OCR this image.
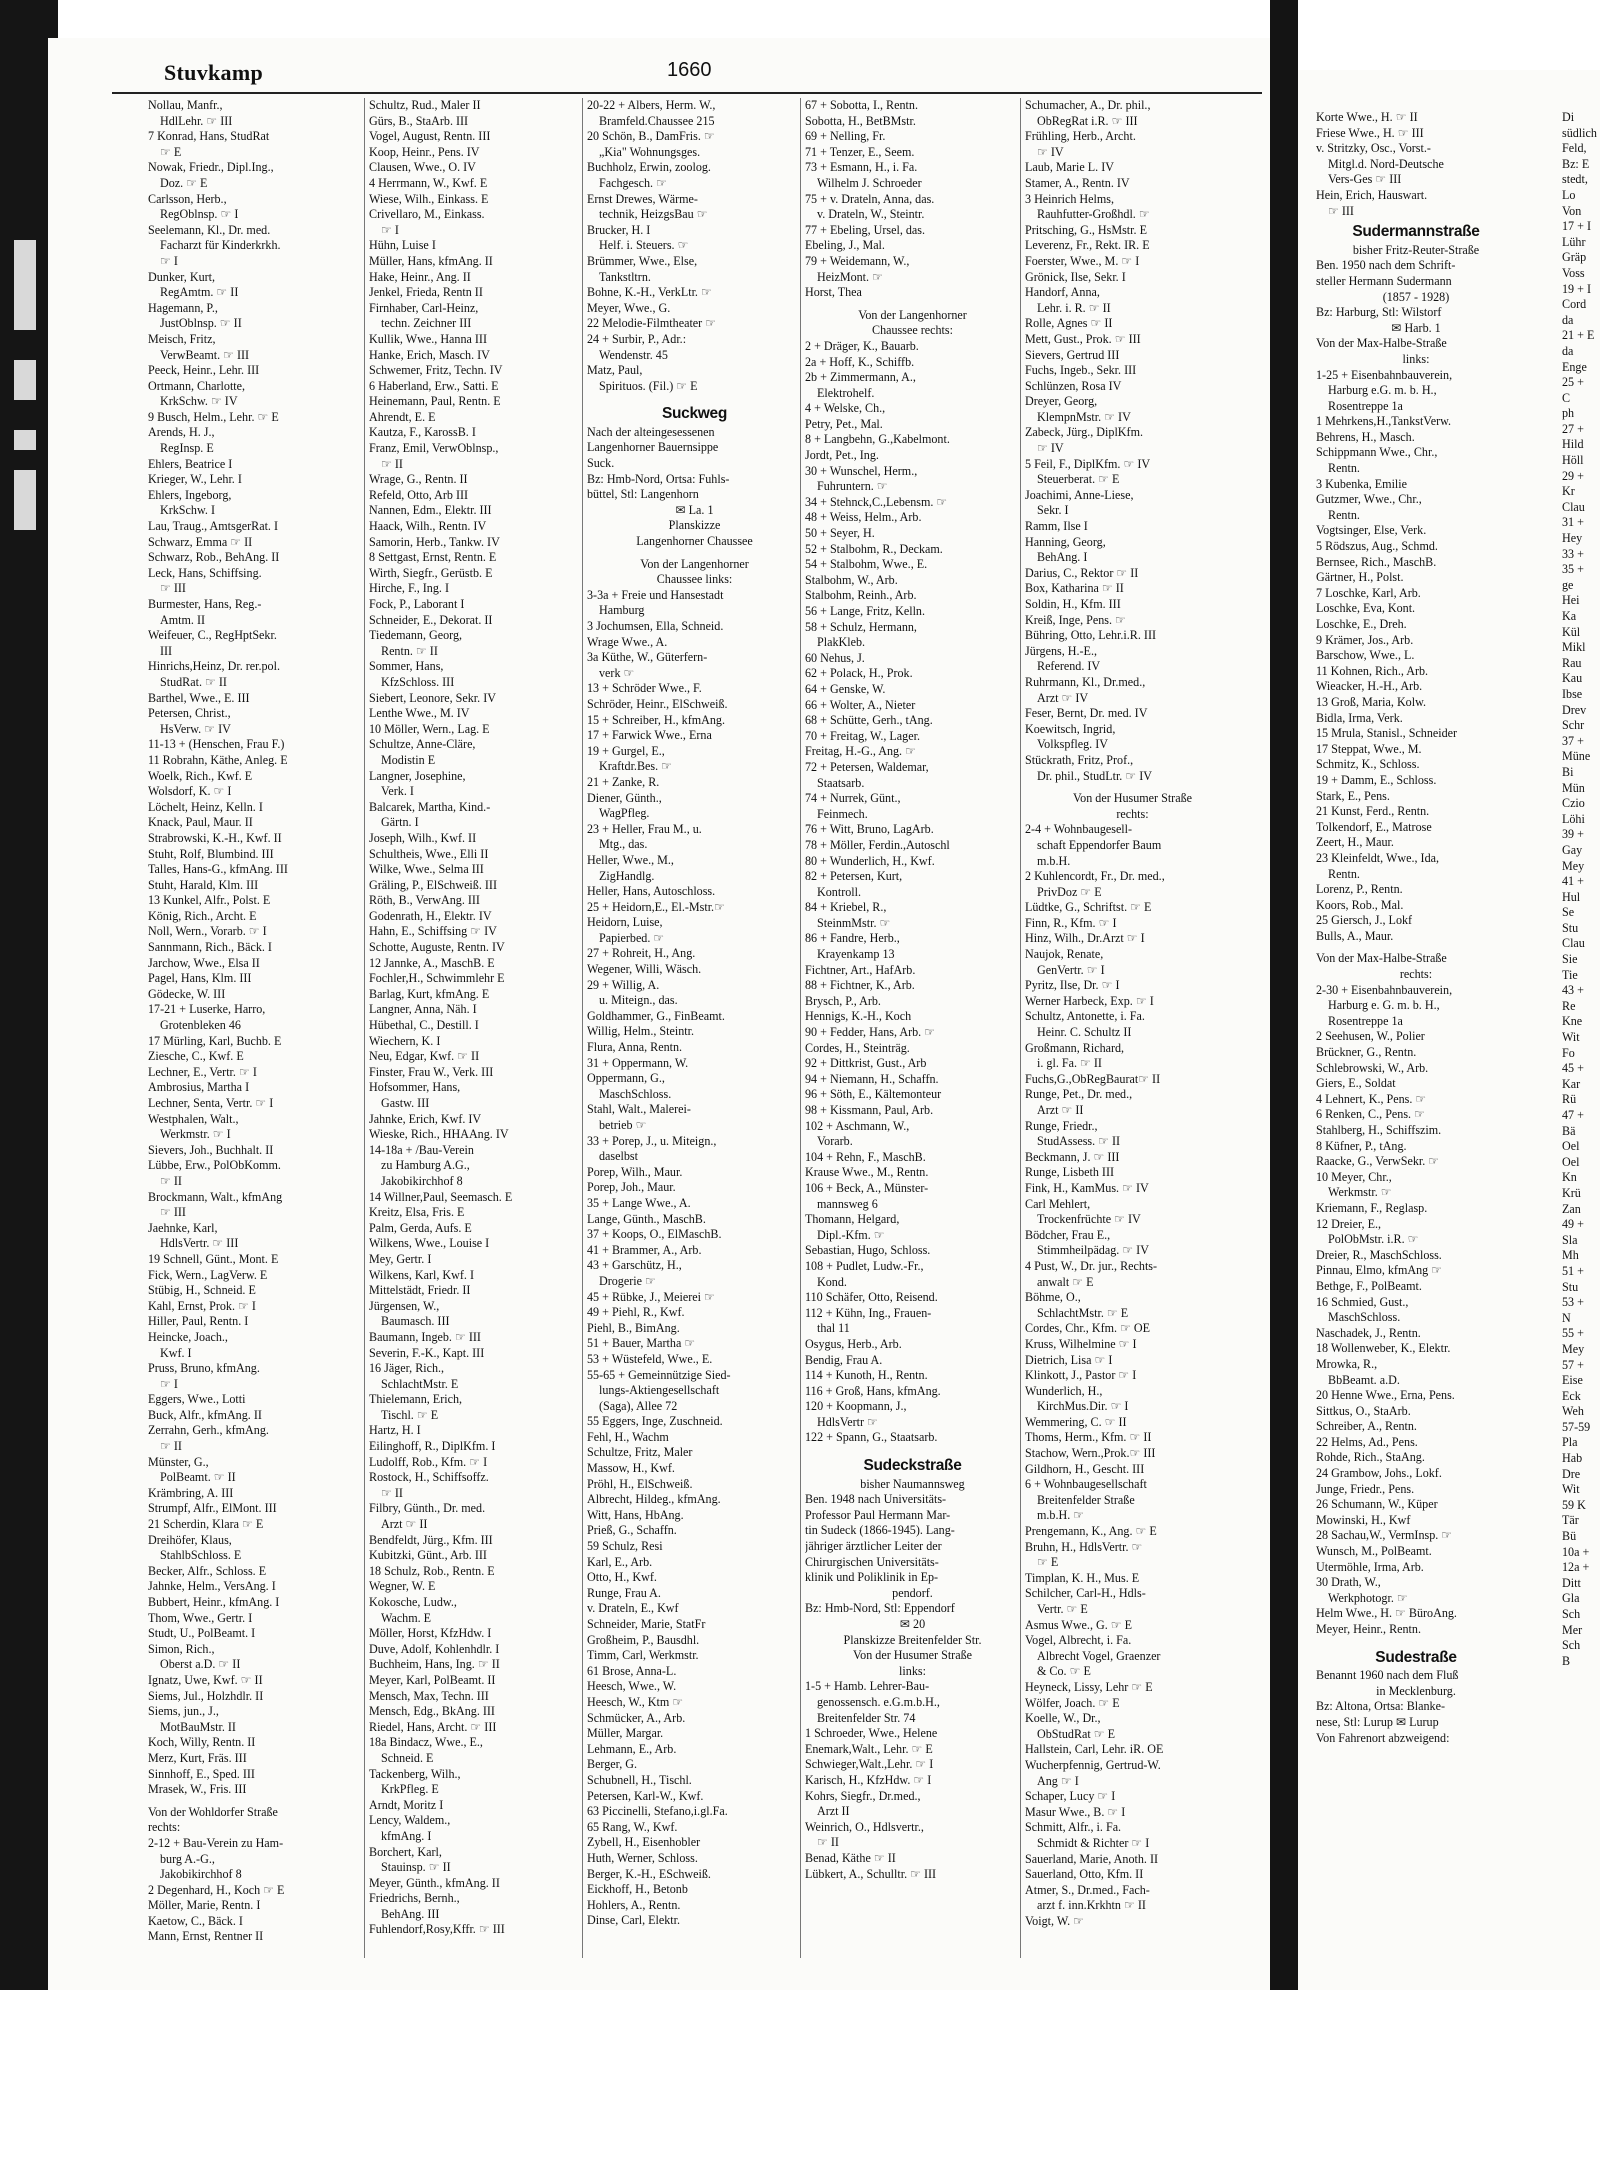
Stuvkamp	1660
Nollau, Manfr.,
HdlLehr. ☞ III
7 Konrad, Hans, StudRat
☞ E
Nowak, Friedr., Dipl.Ing.,
Doz. ☞ E
Carlsson, Herb.,
RegOblnsp. ☞ I
Seelemann, Kl., Dr. med.
Facharzt für Kinderkrkh.
☞ I
Dunker, Kurt,
RegAmtm. ☞ II
Hagemann, P.,
JustOblnsp. ☞ II
Meisch, Fritz,
VerwBeamt. ☞ III
Peeck, Heinr., Lehr. III
Ortmann, Charlotte,
KrkSchw. ☞ IV
9 Busch, Helm., Lehr. ☞ E
Arends, H. J.,
RegInsp. E
Ehlers, Beatrice I
Krieger, W., Lehr. I
Ehlers, Ingeborg,
KrkSchw. I
Lau, Traug., AmtsgerRat. I
Schwarz, Emma ☞ II
Schwarz, Rob., BehAng. II
Leck, Hans, Schiffsing.
☞ III
Burmester, Hans, Reg.-
Amtm. II
Weifeuer, C., RegHptSekr.
III
Hinrichs,Heinz, Dr. rer.pol.
StudRat. ☞ II
Barthel, Wwe., E. III
Petersen, Christ.,
HsVerw. ☞ IV
11-13 + (Henschen, Frau F.)
11 Robrahn, Käthe, Anleg. E
Woelk, Rich., Kwf. E
Wolsdorf, K. ☞ I
Löchelt, Heinz, Kelln. I
Knack, Paul, Maur. II
Strabrowski, K.-H., Kwf. II
Stuht, Rolf, Blumbind. III
Talles, Hans-G., kfmAng. III
Stuht, Harald, Klm. III
13 Kunkel, Alfr., Polst. E
König, Rich., Archt. E
Noll, Wern., Vorarb. ☞ I
Sannmann, Rich., Bäck. I
Jarchow, Wwe., Elsa II
Pagel, Hans, Klm. III
Gödecke, W. III
17-21 + Luserke, Harro,
Grotenbleken 46
17 Mürling, Karl, Buchb. E
Ziesche, C., Kwf. E
Lechner, E., Vertr. ☞ I
Ambrosius, Martha I
Lechner, Senta, Vertr. ☞ I
Westphalen, Walt.,
Werkmstr. ☞ I
Sievers, Joh., Buchhalt. II
Lübbe, Erw., PolObKomm.
☞ II
Brockmann, Walt., kfmAng
☞ III
Jaehnke, Karl,
HdlsVertr. ☞ III
19 Schnell, Günt., Mont. E
Fick, Wern., LagVerw. E
Stübig, H., Schneid. E
Kahl, Ernst, Prok. ☞ I
Hiller, Paul, Rentn. I
Heincke, Joach.,
Kwf. I
Pruss, Bruno, kfmAng.
☞ I
Eggers, Wwe., Lotti
Buck, Alfr., kfmAng. II
Zerrahn, Gerh., kfmAng.
☞ II
Münster, G.,
PolBeamt. ☞ II
Krämbring, A. III
Strumpf, Alfr., ElMont. III
21 Scherdin, Klara ☞ E
Dreihöfer, Klaus,
StahlbSchloss. E
Becker, Alfr., Schloss. E
Jahnke, Helm., VersAng. I
Bubbert, Heinr., kfmAng. I
Thom, Wwe., Gertr. I
Studt, U., PolBeamt. I
Simon, Rich.,
Oberst a.D. ☞ II
Ignatz, Uwe, Kwf. ☞ II
Siems, Jul., Holzhdlr. II
Siems, jun., J.,
MotBauMstr. II
Koch, Willy, Rentn. II
Merz, Kurt, Fräs. III
Sinnhoff, E., Sped. III
Mrasek, W., Fris. III
Von der Wohldorfer Straße
rechts:
2-12 + Bau-Verein zu Ham-
burg A.-G.,
Jakobikirchhof 8
2 Degenhard, H., Koch ☞ E
Möller, Marie, Rentn. I
Kaetow, C., Bäck. I
Mann, Ernst, Rentner II
Schultz, Rud., Maler II
Gürs, B., StaArb. III
Vogel, August, Rentn. III
Koop, Heinr., Pens. IV
Clausen, Wwe., O. IV
4 Herrmann, W., Kwf. E
Wiese, Wilh., Einkass. E
Crivellaro, M., Einkass.
☞ I
Hühn, Luise I
Müller, Hans, kfmAng. II
Hake, Heinr., Ang. II
Jenkel, Frieda, Rentn II
Firnhaber, Carl-Heinz,
techn. Zeichner III
Kullik, Wwe., Hanna III
Hanke, Erich, Masch. IV
Schwemer, Fritz, Techn. IV
6 Haberland, Erw., Satti. E
Heinemann, Paul, Rentn. E
Ahrendt, E. E
Kautza, F., KarossB. I
Franz, Emil, VerwOblnsp.,
☞ II
Wrage, G., Rentn. II
Refeld, Otto, Arb III
Nannen, Edm., Elektr. III
Haack, Wilh., Rentn. IV
Samorin, Herb., Tankw. IV
8 Settgast, Ernst, Rentn. E
Wirth, Siegfr., Gerüstb. E
Hirche, F., Ing. I
Fock, P., Laborant I
Schneider, E., Dekorat. II
Tiedemann, Georg,
Rentn. ☞ II
Sommer, Hans,
KfzSchloss. III
Siebert, Leonore, Sekr. IV
Lenthe Wwe., M. IV
10 Möller, Wern., Lag. E
Schultze, Anne-Cläre,
Modistin E
Langner, Josephine,
Verk. I
Balcarek, Martha, Kind.-
Gärtn. I
Joseph, Wilh., Kwf. II
Schultheis, Wwe., Elli II
Wilke, Wwe., Selma III
Gräling, P., ElSchweiß. III
Röth, B., VerwAng. III
Godenrath, H., Elektr. IV
Hahn, E., Schiffsing ☞ IV
Schotte, Auguste, Rentn. IV
12 Jannke, A., MaschB. E
Fochler,H., Schwimmlehr E
Barlag, Kurt, kfmAng. E
Langner, Anna, Näh. I
Hübethal, C., Destill. I
Wiechern, K. I
Neu, Edgar, Kwf. ☞ II
Finster, Frau W., Verk. III
Hofsommer, Hans,
Gastw. III
Jahnke, Erich, Kwf. IV
Wieske, Rich., HHAAng. IV
14-18a + /Bau-Verein
zu Hamburg A.G.,
Jakobikirchhof 8
14 Willner,Paul, Seemasch. E
Kreitz, Elsa, Fris. E
Palm, Gerda, Aufs. E
Wilkens, Wwe., Louise I
Mey, Gertr. I
Wilkens, Karl, Kwf. I
Mittelstädt, Friedr. II
Jürgensen, W.,
Baumasch. III
Baumann, Ingeb. ☞ III
Severin, F.-K., Kapt. III
16 Jäger, Rich.,
SchlachtMstr. E
Thielemann, Erich,
Tischl. ☞ E
Hartz, H. I
Eilinghoff, R., DiplKfm. I
Ludolff, Rob., Kfm. ☞ I
Rostock, H., Schiffsoffz.
☞ II
Filbry, Günth., Dr. med.
Arzt ☞ II
Bendfeldt, Jürg., Kfm. III
Kubitzki, Günt., Arb. III
18 Schulz, Rob., Rentn. E
Wegner, W. E
Kokosche, Ludw.,
Wachm. E
Möller, Horst, KfzHdw. I
Duve, Adolf, Kohlenhdlr. I
Buchheim, Hans, Ing. ☞ II
Meyer, Karl, PolBeamt. II
Mensch, Max, Techn. III
Mensch, Edg., BkAng. III
Riedel, Hans, Archt. ☞ III
18a Bindacz, Wwe., E.,
Schneid. E
Tackenberg, Wilh.,
KrkPfleg. E
Arndt, Moritz I
Lency, Waldem.,
kfmAng. I
Borchert, Karl,
Stauinsp. ☞ II
Meyer, Günth., kfmAng. II
Friedrichs, Bernh.,
BehAng. III
Fuhlendorf,Rosy,Kffr. ☞ III
20-22 + Albers, Herm. W.,
Bramfeld.Chaussee 215
20 Schön, B., DamFris. ☞
„Kia" Wohnungsges.
Buchholz, Erwin, zoolog.
Fachgesch. ☞
Ernst Drewes, Wärme-
technik, HeizgsBau ☞
Brucker, H. I
Helf. i. Steuers. ☞
Brümmer, Wwe., Else,
Tankstltrn.
Bohne, K.-H., VerkLtr. ☞
Meyer, Wwe., G.
22 Melodie-Filmtheater ☞
24 + Surbir, P., Adr.:
Wendenstr. 45
Matz, Paul,
Spirituos. (Fil.) ☞ E
Suckweg
Nach der alteingesessenen
Langenhorner Bauernsippe
Suck.
Bz: Hmb-Nord, Ortsa: Fuhls-
büttel, Stl: Langenhorn
✉ La. 1
Planskizze
Langenhorner Chaussee
Von der Langenhorner
Chaussee links:
3-3a + Freie und Hansestadt
Hamburg
3 Jochumsen, Ella, Schneid.
Wrage Wwe., A.
3a Küthe, W., Güterfern-
verk ☞
13 + Schröder Wwe., F.
Schröder, Heinr., ElSchweiß.
15 + Schreiber, H., kfmAng.
17 + Farwick Wwe., Erna
19 + Gurgel, E.,
Kraftdr.Bes. ☞
21 + Zanke, R.
Diener, Günth.,
WagPfleg.
23 + Heller, Frau M., u.
Mtg., das.
Heller, Wwe., M.,
ZigHandlg.
Heller, Hans, Autoschloss.
25 + Heidorn,E., El.-Mstr.☞
Heidorn, Luise,
Papierbed. ☞
27 + Rohreit, H., Ang.
Wegener, Willi, Wäsch.
29 + Willig, A.
u. Miteign., das.
Goldhammer, G., FinBeamt.
Willig, Helm., Steintr.
Flura, Anna, Rentn.
31 + Oppermann, W.
Oppermann, G.,
MaschSchloss.
Stahl, Walt., Malerei-
betrieb ☞
33 + Porep, J., u. Miteign.,
daselbst
Porep, Wilh., Maur.
Porep, Joh., Maur.
35 + Lange Wwe., A.
Lange, Günth., MaschB.
37 + Koops, O., ElMaschB.
41 + Brammer, A., Arb.
43 + Garschütz, H.,
Drogerie ☞
45 + Rübke, J., Meierei ☞
49 + Piehl, R., Kwf.
Piehl, B., BimAng.
51 + Bauer, Martha ☞
53 + Wüstefeld, Wwe., E.
55-65 + Gemeinnützige Sied-
lungs-Aktiengesellschaft
(Saga), Allee 72
55 Eggers, Inge, Zuschneid.
Fehl, H., Wachm
Schultze, Fritz, Maler
Massow, H., Kwf.
Pröhl, H., ElSchweiß.
Albrecht, Hildeg., kfmAng.
Witt, Hans, HbAng.
Prieß, G., Schaffn.
59 Schulz, Resi
Karl, E., Arb.
Otto, H., Kwf.
Runge, Frau A.
v. Drateln, E., Kwf
Schneider, Marie, StatFr
Großheim, P., Bausdhl.
Timm, Carl, Werkmstr.
61 Brose, Anna-L.
Heesch, Wwe., W.
Heesch, W., Ktm ☞
Schmücker, A., Arb.
Müller, Margar.
Lehmann, E., Arb.
Berger, G.
Schubnell, H., Tischl.
Petersen, Karl-W., Kwf.
63 Piccinelli, Stefano,i.gl.Fa.
65 Rang, W., Kwf.
Zybell, H., Eisenhobler
Huth, Werner, Schloss.
Berger, K.-H., ESchweiß.
Eickhoff, H., Betonb
Hohlers, A., Rentn.
Dinse, Carl, Elektr.
67 + Sobotta, I., Rentn.
Sobotta, H., BetBMstr.
69 + Nelling, Fr.
71 + Tenzer, E., Seem.
73 + Esmann, H., i. Fa.
Wilhelm J. Schroeder
75 + v. Drateln, Anna, das.
v. Drateln, W., Steintr.
77 + Ebeling, Ursel, das.
Ebeling, J., Mal.
79 + Weidemann, W.,
HeizMont. ☞
Horst, Thea
Von der Langenhorner
Chaussee rechts:
2 + Dräger, K., Bauarb.
2a + Hoff, K., Schiffb.
2b + Zimmermann, A.,
Elektrohelf.
4 + Welske, Ch.,
Petry, Pet., Mal.
8 + Langbehn, G.,Kabelmont.
Jordt, Pet., Ing.
30 + Wunschel, Herm.,
Fuhruntern. ☞
34 + Stehnck,C.,Lebensm. ☞
48 + Weiss, Helm., Arb.
50 + Seyer, H.
52 + Stalbohm, R., Deckam.
54 + Stalbohm, Wwe., E.
Stalbohm, W., Arb.
Stalbohm, Reinh., Arb.
56 + Lange, Fritz, Kelln.
58 + Schulz, Hermann,
PlakKleb.
60 Nehus, J.
62 + Polack, H., Prok.
64 + Genske, W.
66 + Wolter, A., Nieter
68 + Schütte, Gerh., tAng.
70 + Freitag, W., Lager.
Freitag, H.-G., Ang. ☞
72 + Petersen, Waldemar,
Staatsarb.
74 + Nurrek, Günt.,
Feinmech.
76 + Witt, Bruno, LagArb.
78 + Möller, Ferdin.,Autoschl
80 + Wunderlich, H., Kwf.
82 + Petersen, Kurt,
Kontroll.
84 + Kriebel, R.,
SteinmMstr. ☞
86 + Fandre, Herb.,
Krayenkamp 13
Fichtner, Art., HafArb.
88 + Fichtner, K., Arb.
Brysch, P., Arb.
Hennigs, K.-H., Koch
90 + Fedder, Hans, Arb. ☞
Cordes, H., Steinträg.
92 + Dittkrist, Gust., Arb
94 + Niemann, H., Schaffn.
96 + Söth, E., Kältemonteur
98 + Kissmann, Paul, Arb.
102 + Aschmann, W.,
Vorarb.
104 + Rehn, F., MaschB.
Krause Wwe., M., Rentn.
106 + Beck, A., Münster-
mannsweg 6
Thomann, Helgard,
Dipl.-Kfm. ☞
Sebastian, Hugo, Schloss.
108 + Pudlet, Ludw.-Fr.,
Kond.
110 Schäfer, Otto, Reisend.
112 + Kühn, Ing., Frauen-
thal 11
Osygus, Herb., Arb.
Bendig, Frau A.
114 + Kunoth, H., Rentn.
116 + Groß, Hans, kfmAng.
120 + Koopmann, J.,
HdlsVertr ☞
122 + Spann, G., Staatsarb.
Sudeckstraße
bisher Naumannsweg
Ben. 1948 nach Universitäts-
Professor Paul Hermann Mar-
tin Sudeck (1866-1945). Lang-
jähriger ärztlicher Leiter der
Chirurgischen Universitäts-
klinik und Poliklinik in Ep-
pendorf.
Bz: Hmb-Nord, Stl: Eppendorf
✉ 20
Planskizze Breitenfelder Str.
Von der Husumer Straße
links:
1-5 + Hamb. Lehrer-Bau-
genossensch. e.G.m.b.H.,
Breitenfelder Str. 74
1 Schroeder, Wwe., Helene
Enemark,Walt., Lehr. ☞ E
Schwieger,Walt.,Lehr. ☞ I
Karisch, H., KfzHdw. ☞ I
Kohrs, Siegfr., Dr.med.,
Arzt II
Weinrich, O., Hdlsvertr.,
☞ II
Benad, Käthe ☞ II
Lübkert, A., Schulltr. ☞ III
Schumacher, A., Dr. phil.,
ObRegRat i.R. ☞ III
Frühling, Herb., Archt.
☞ IV
Laub, Marie L. IV
Stamer, A., Rentn. IV
3 Heinrich Helms,
Rauhfutter-Großhdl. ☞
Pritsching, G., HsMstr. E
Leverenz, Fr., Rekt. IR. E
Foerster, Wwe., M. ☞ I
Grönick, Ilse, Sekr. I
Handorf, Anna,
Lehr. i. R. ☞ II
Rolle, Agnes ☞ II
Mett, Gust., Prok. ☞ III
Sievers, Gertrud III
Fuchs, Ingeb., Sekr. III
Schlünzen, Rosa IV
Dreyer, Georg,
KlempnMstr. ☞ IV
Zabeck, Jürg., DiplKfm.
☞ IV
5 Feil, F., DiplKfm. ☞ IV
Steuerberat. ☞ E
Joachimi, Anne-Liese,
Sekr. I
Ramm, Ilse I
Hanning, Georg,
BehAng. I
Darius, C., Rektor ☞ II
Box, Katharina ☞ II
Soldin, H., Kfm. III
Kreiß, Inge, Pens. ☞
Bühring, Otto, Lehr.i.R. III
Jürgens, H.-E.,
Referend. IV
Ruhrmann, Kl., Dr.med.,
Arzt ☞ IV
Feser, Bernt, Dr. med. IV
Koewitsch, Ingrid,
Volkspfleg. IV
Stückrath, Fritz, Prof.,
Dr. phil., StudLtr. ☞ IV
Von der Husumer Straße
rechts:
2-4 + Wohnbaugesell-
schaft Eppendorfer Baum
m.b.H.
2 Kuhlencordt, Fr., Dr. med.,
PrivDoz ☞ E
Lüdtke, G., Schriftst. ☞ E
Finn, R., Kfm. ☞ I
Hinz, Wilh., Dr.Arzt ☞ I
Naujok, Renate,
GenVertr. ☞ I
Pyritz, Ilse, Dr. ☞ I
Werner Harbeck, Exp. ☞ I
Schultz, Antonette, i. Fa.
Heinr. C. Schultz II
Großmann, Richard,
i. gl. Fa. ☞ II
Fuchs,G.,ObRegBaurat☞ II
Runge, Pet., Dr. med.,
Arzt ☞ II
Runge, Friedr.,
StudAssess. ☞ II
Beckmann, J. ☞ III
Runge, Lisbeth III
Fink, H., KamMus. ☞ IV
Carl Mehlert,
Trockenfrüchte ☞ IV
Bödcher, Frau E.,
Stimmheilpädag. ☞ IV
4 Pust, W., Dr. jur., Rechts-
anwalt ☞ E
Böhme, O.,
SchlachtMstr. ☞ E
Cordes, Chr., Kfm. ☞ OE
Kruss, Wilhelmine ☞ I
Dietrich, Lisa ☞ I
Klinkott, J., Pastor ☞ I
Wunderlich, H.,
KirchMus.Dir. ☞ I
Wemmering, C. ☞ II
Thoms, Herm., Kfm. ☞ II
Stachow, Wern.,Prok.☞ III
Gildhorn, H., Gescht. III
6 + Wohnbaugesellschaft
Breitenfelder Straße
m.b.H. ☞
Prengemann, K., Ang. ☞ E
Bruhn, H., HdlsVertr. ☞
☞ E
Timplan, K. H., Mus. E
Schilcher, Carl-H., Hdls-
Vertr. ☞ E
Asmus Wwe., G. ☞ E
Vogel, Albrecht, i. Fa.
Albrecht Vogel, Graenzer
& Co. ☞ E
Heyneck, Lissy, Lehr ☞ E
Wölfer, Joach. ☞ E
Koelle, W., Dr.,
ObStudRat ☞ E
Hallstein, Carl, Lehr. iR. OE
Wucherpfennig, Gertrud-W.
Ang ☞ I
Schaper, Lucy ☞ I
Masur Wwe., B. ☞ I
Schmitt, Alfr., i. Fa.
Schmidt & Richter ☞ I
Sauerland, Marie, Anoth. II
Sauerland, Otto, Kfm. II
Atmer, S., Dr.med., Fach-
arzt f. inn.Krkhtn ☞ II
Voigt, W. ☞
Korte Wwe., H. ☞ II
Friese Wwe., H. ☞ III
v. Stritzky, Osc., Vorst.-
Mitgl.d. Nord-Deutsche
Vers-Ges ☞ III
Hein, Erich, Hauswart.
☞ III
Sudermannstraße
bisher Fritz-Reuter-Straße
Ben. 1950 nach dem Schrift-
steller Hermann Sudermann
(1857 - 1928)
Bz: Harburg, Stl: Wilstorf
✉ Harb. 1
Von der Max-Halbe-Straße
links:
1-25 + Eisenbahnbauverein,
Harburg e.G. m. b. H.,
Rosentreppe 1a
1 Mehrkens,H.,TankstVerw.
Behrens, H., Masch.
Schippmann Wwe., Chr.,
Rentn.
3 Kubenka, Emilie
Gutzmer, Wwe., Chr.,
Rentn.
Vogtsinger, Else, Verk.
5 Rödszus, Aug., Schmd.
Bernsee, Rich., MaschB.
Gärtner, H., Polst.
7 Loschke, Karl, Arb.
Loschke, Eva, Kont.
Loschke, E., Dreh.
9 Krämer, Jos., Arb.
Barschow, Wwe., L.
11 Kohnen, Rich., Arb.
Wieacker, H.-H., Arb.
13 Groß, Maria, Kolw.
Bidla, Irma, Verk.
15 Mrula, Stanisl., Schneider
17 Steppat, Wwe., M.
Schmitz, K., Schloss.
19 + Damm, E., Schloss.
Stark, E., Pens.
21 Kunst, Ferd., Rentn.
Tolkendorf, E., Matrose
Zeert, H., Maur.
23 Kleinfeldt, Wwe., Ida,
Rentn.
Lorenz, P., Rentn.
Koors, Rob., Mal.
25 Giersch, J., Lokf
Bulls, A., Maur.
Von der Max-Halbe-Straße
rechts:
2-30 + Eisenbahnbauverein,
Harburg e. G. m. b. H.,
Rosentreppe 1a
2 Seehusen, W., Polier
Brückner, G., Rentn.
Schlebrowski, W., Arb.
Giers, E., Soldat
4 Lehnert, K., Pens. ☞
6 Renken, C., Pens. ☞
Stahlberg, H., Schiffszim.
8 Küfner, P., tAng.
Raacke, G., VerwSekr. ☞
10 Meyer, Chr.,
Werkmstr. ☞
Kriemann, F., Reglasp.
12 Dreier, E.,
PolObMstr. i.R. ☞
Dreier, R., MaschSchloss.
Pinnau, Elmo, kfmAng ☞
Bethge, F., PolBeamt.
16 Schmied, Gust.,
MaschSchloss.
Naschadek, J., Rentn.
18 Wollenweber, K., Elektr.
Mrowka, R.,
BbBeamt. a.D.
20 Henne Wwe., Erna, Pens.
Sittkus, O., StaArb.
Schreiber, A., Rentn.
22 Helms, Ad., Pens.
Rohde, Rich., StaAng.
24 Grambow, Johs., Lokf.
Junge, Friedr., Pens.
26 Schumann, W., Küper
Mowinski, H., Kwf
28 Sachau,W., VermInsp. ☞
Wunsch, M., PolBeamt.
Utermöhle, Irma, Arb.
30 Drath, W.,
Werkphotogr. ☞
Helm Wwe., H. ☞ BüroAng.
Meyer, Heinr., Rentn.
Sudestraße
Benannt 1960 nach dem Fluß
in Mecklenburg.
Bz: Altona, Ortsa: Blanke-
nese, Stl: Lurup ✉ Lurup
Von Fahrenort abzweigend:
Di
südlich
Feld,
Bz: E
stedt,
Lo
Von
17 + I
Lühr
Gräp
Voss
19 + I
Cord
da
21 + E
da
Enge
25 +
C
ph
27 +
Hild
Höll
29 +
Kr
Clau
31 +
Hey
33 +
35 +
ge
Hei
Ka
Kül
Mikl
Rau
Kau
Ibse
Drev
Schr
37 +
Müne
Bi
Mün
Czio
Löhi
39 +
Gay
Mey
41 +
Hul
Se
Stu
Clau
Sie
Tie
43 +
Re
Kne
Wit
Fo
45 +
Kar
Rü
47 +
Bä
Oel
Oel
Kn
Krü
Zan
49 +
Sla
Mh
51 +
Stu
53 +
N
55 +
Mey
57 +
Eise
Eck
Weh
57-59
Pla
Hab
Dre
Wit
59 K
Tär
Bü
10a +
12a +
Ditt
Gla
Sch
Mer
Sch
B
